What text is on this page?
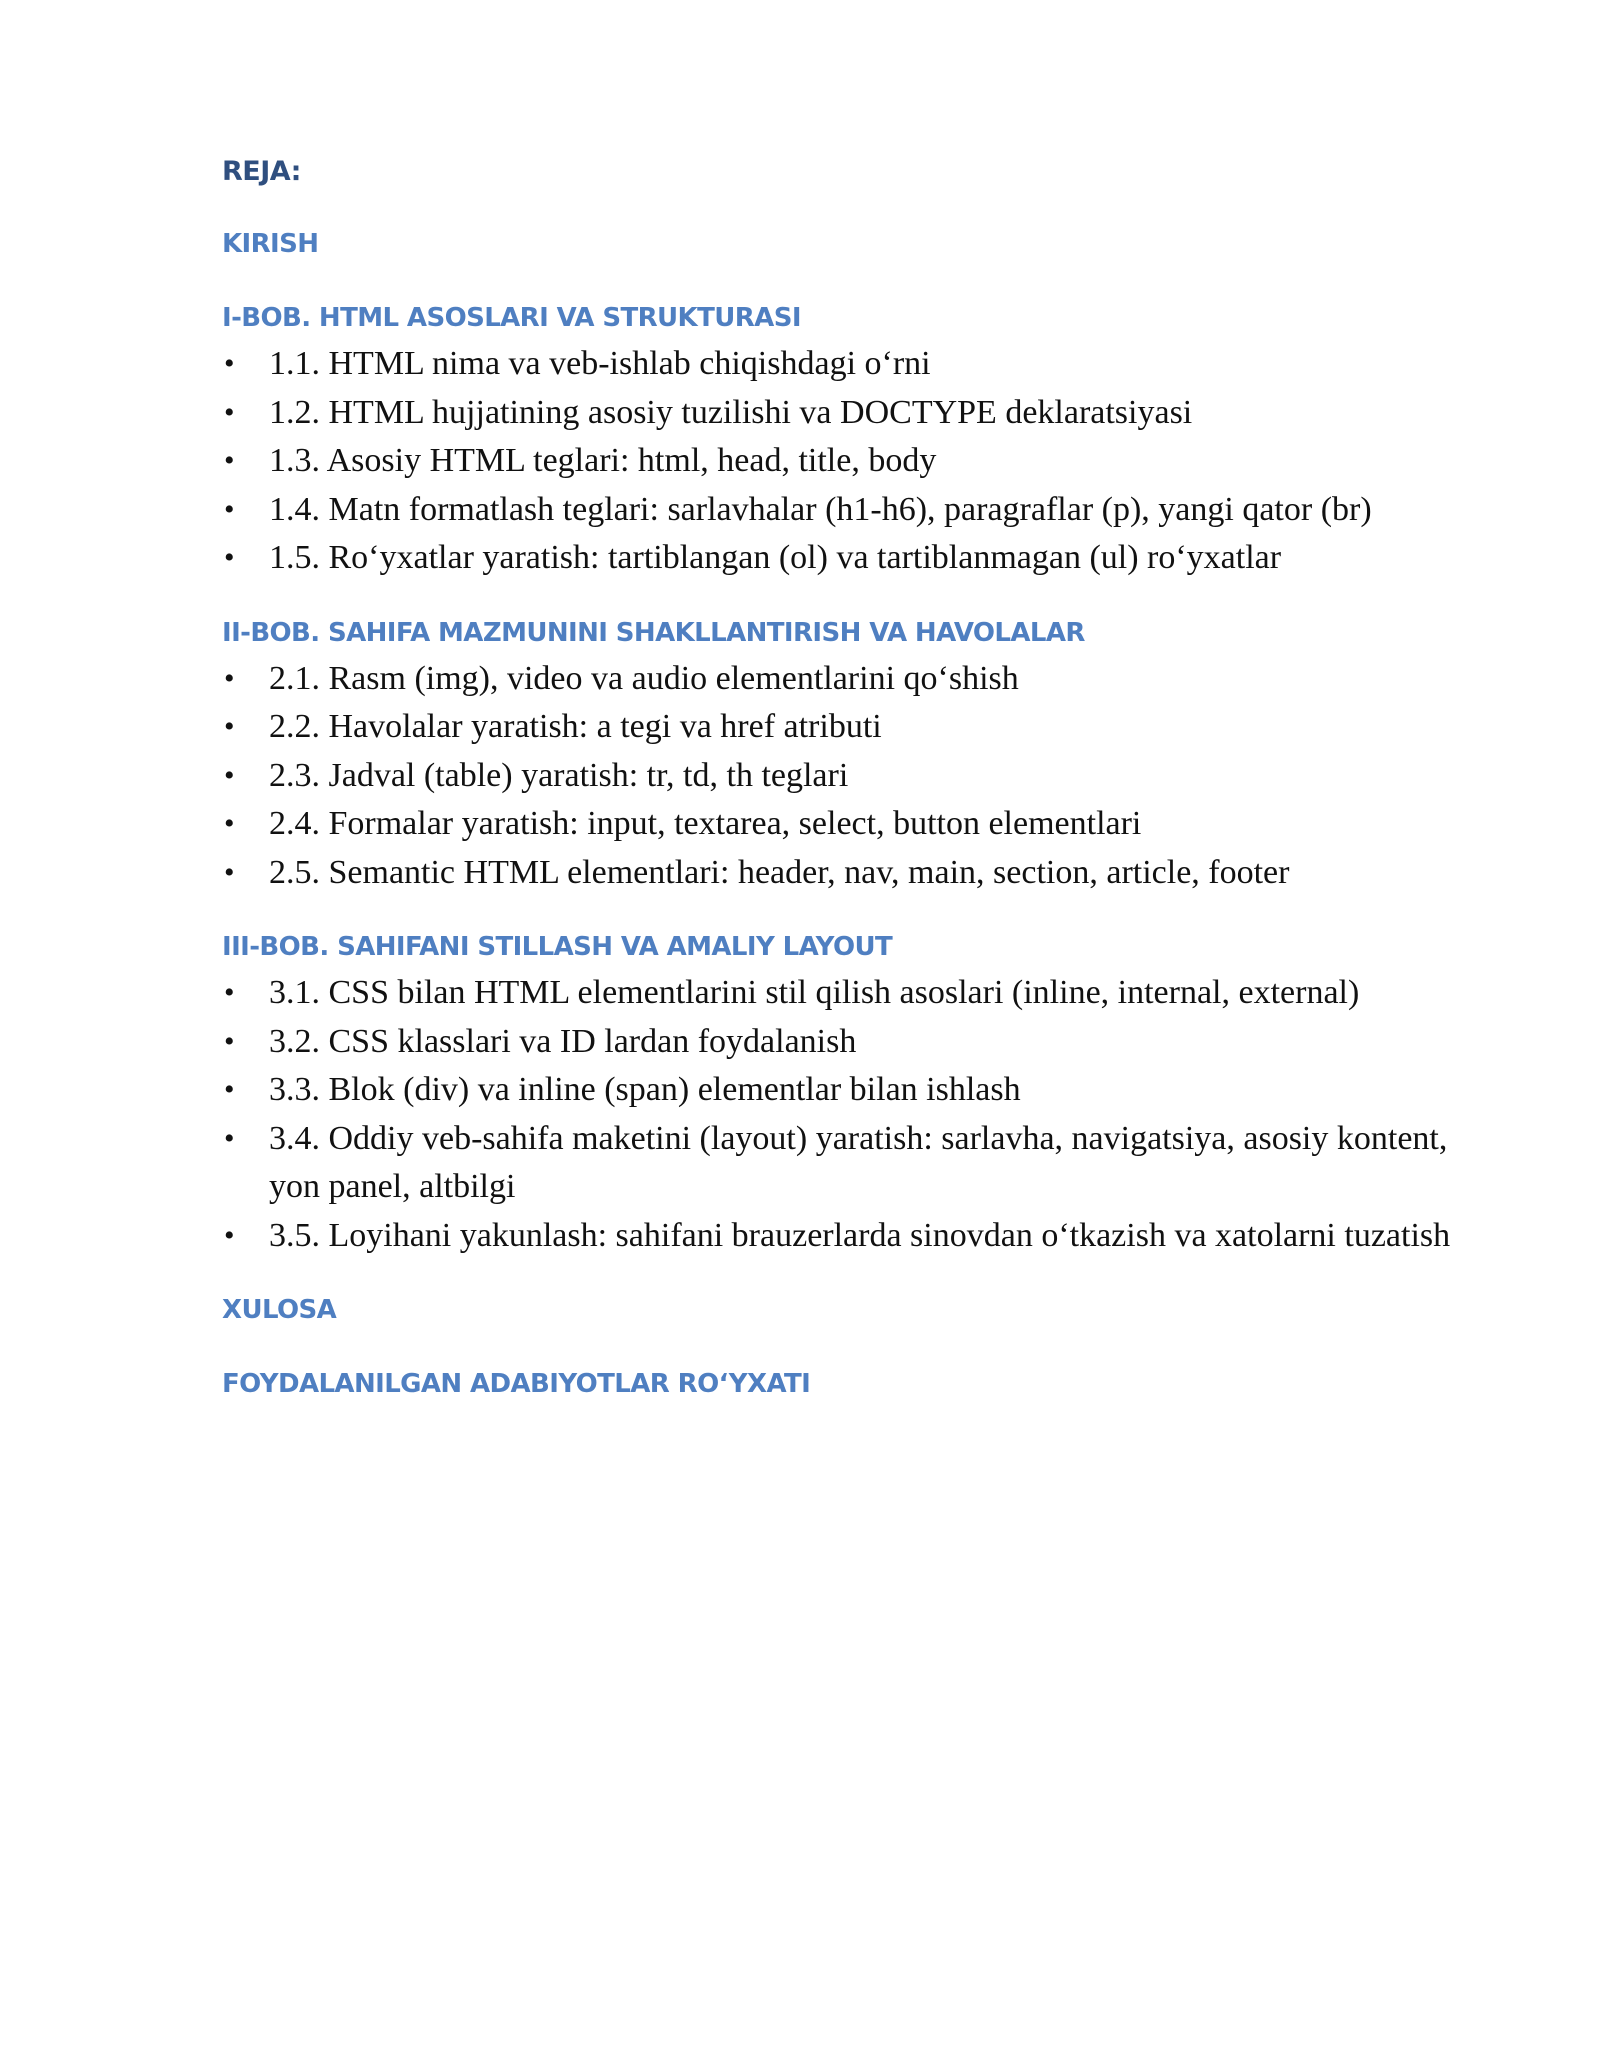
REJA:
KIRISH
I-BOB. HTML ASOSLARI VA STRUKTURASI
• 1.1. HTML nima va veb-ishlab chiqishdagi o‘rni
• 1.2. HTML hujjatining asosiy tuzilishi va DOCTYPE deklaratsiyasi
• 1.3. Asosiy HTML teglari: html, head, title, body
• 1.4. Matn formatlash teglari: sarlavhalar (h1-h6), paragraflar (p), yangi qator (br)
• 1.5. Ro‘yxatlar yaratish: tartiblangan (ol) va tartiblanmagan (ul) ro‘yxatlar
II-BOB. SAHIFA MAZMUNINI SHAKLLANTIRISH VA HAVOLALAR
• 2.1. Rasm (img), video va audio elementlarini qo‘shish
• 2.2. Havolalar yaratish: a tegi va href atributi
• 2.3. Jadval (table) yaratish: tr, td, th teglari
• 2.4. Formalar yaratish: input, textarea, select, button elementlari
• 2.5. Semantic HTML elementlari: header, nav, main, section, article, footer
III-BOB. SAHIFANI STILLASH VA AMALIY LAYOUT
• 3.1. CSS bilan HTML elementlarini stil qilish asoslari (inline, internal, external)
• 3.2. CSS klasslari va ID lardan foydalanish
• 3.3. Blok (div) va inline (span) elementlar bilan ishlash
• 3.4. Oddiy veb-sahifa maketini (layout) yaratish: sarlavha, navigatsiya, asosiy kontent, yon panel, altbilgi
• 3.5. Loyihani yakunlash: sahifani brauzerlarda sinovdan o‘tkazish va xatolarni tuzatish
XULOSA
FOYDALANILGAN ADABIYOTLAR RO‘YXATI
